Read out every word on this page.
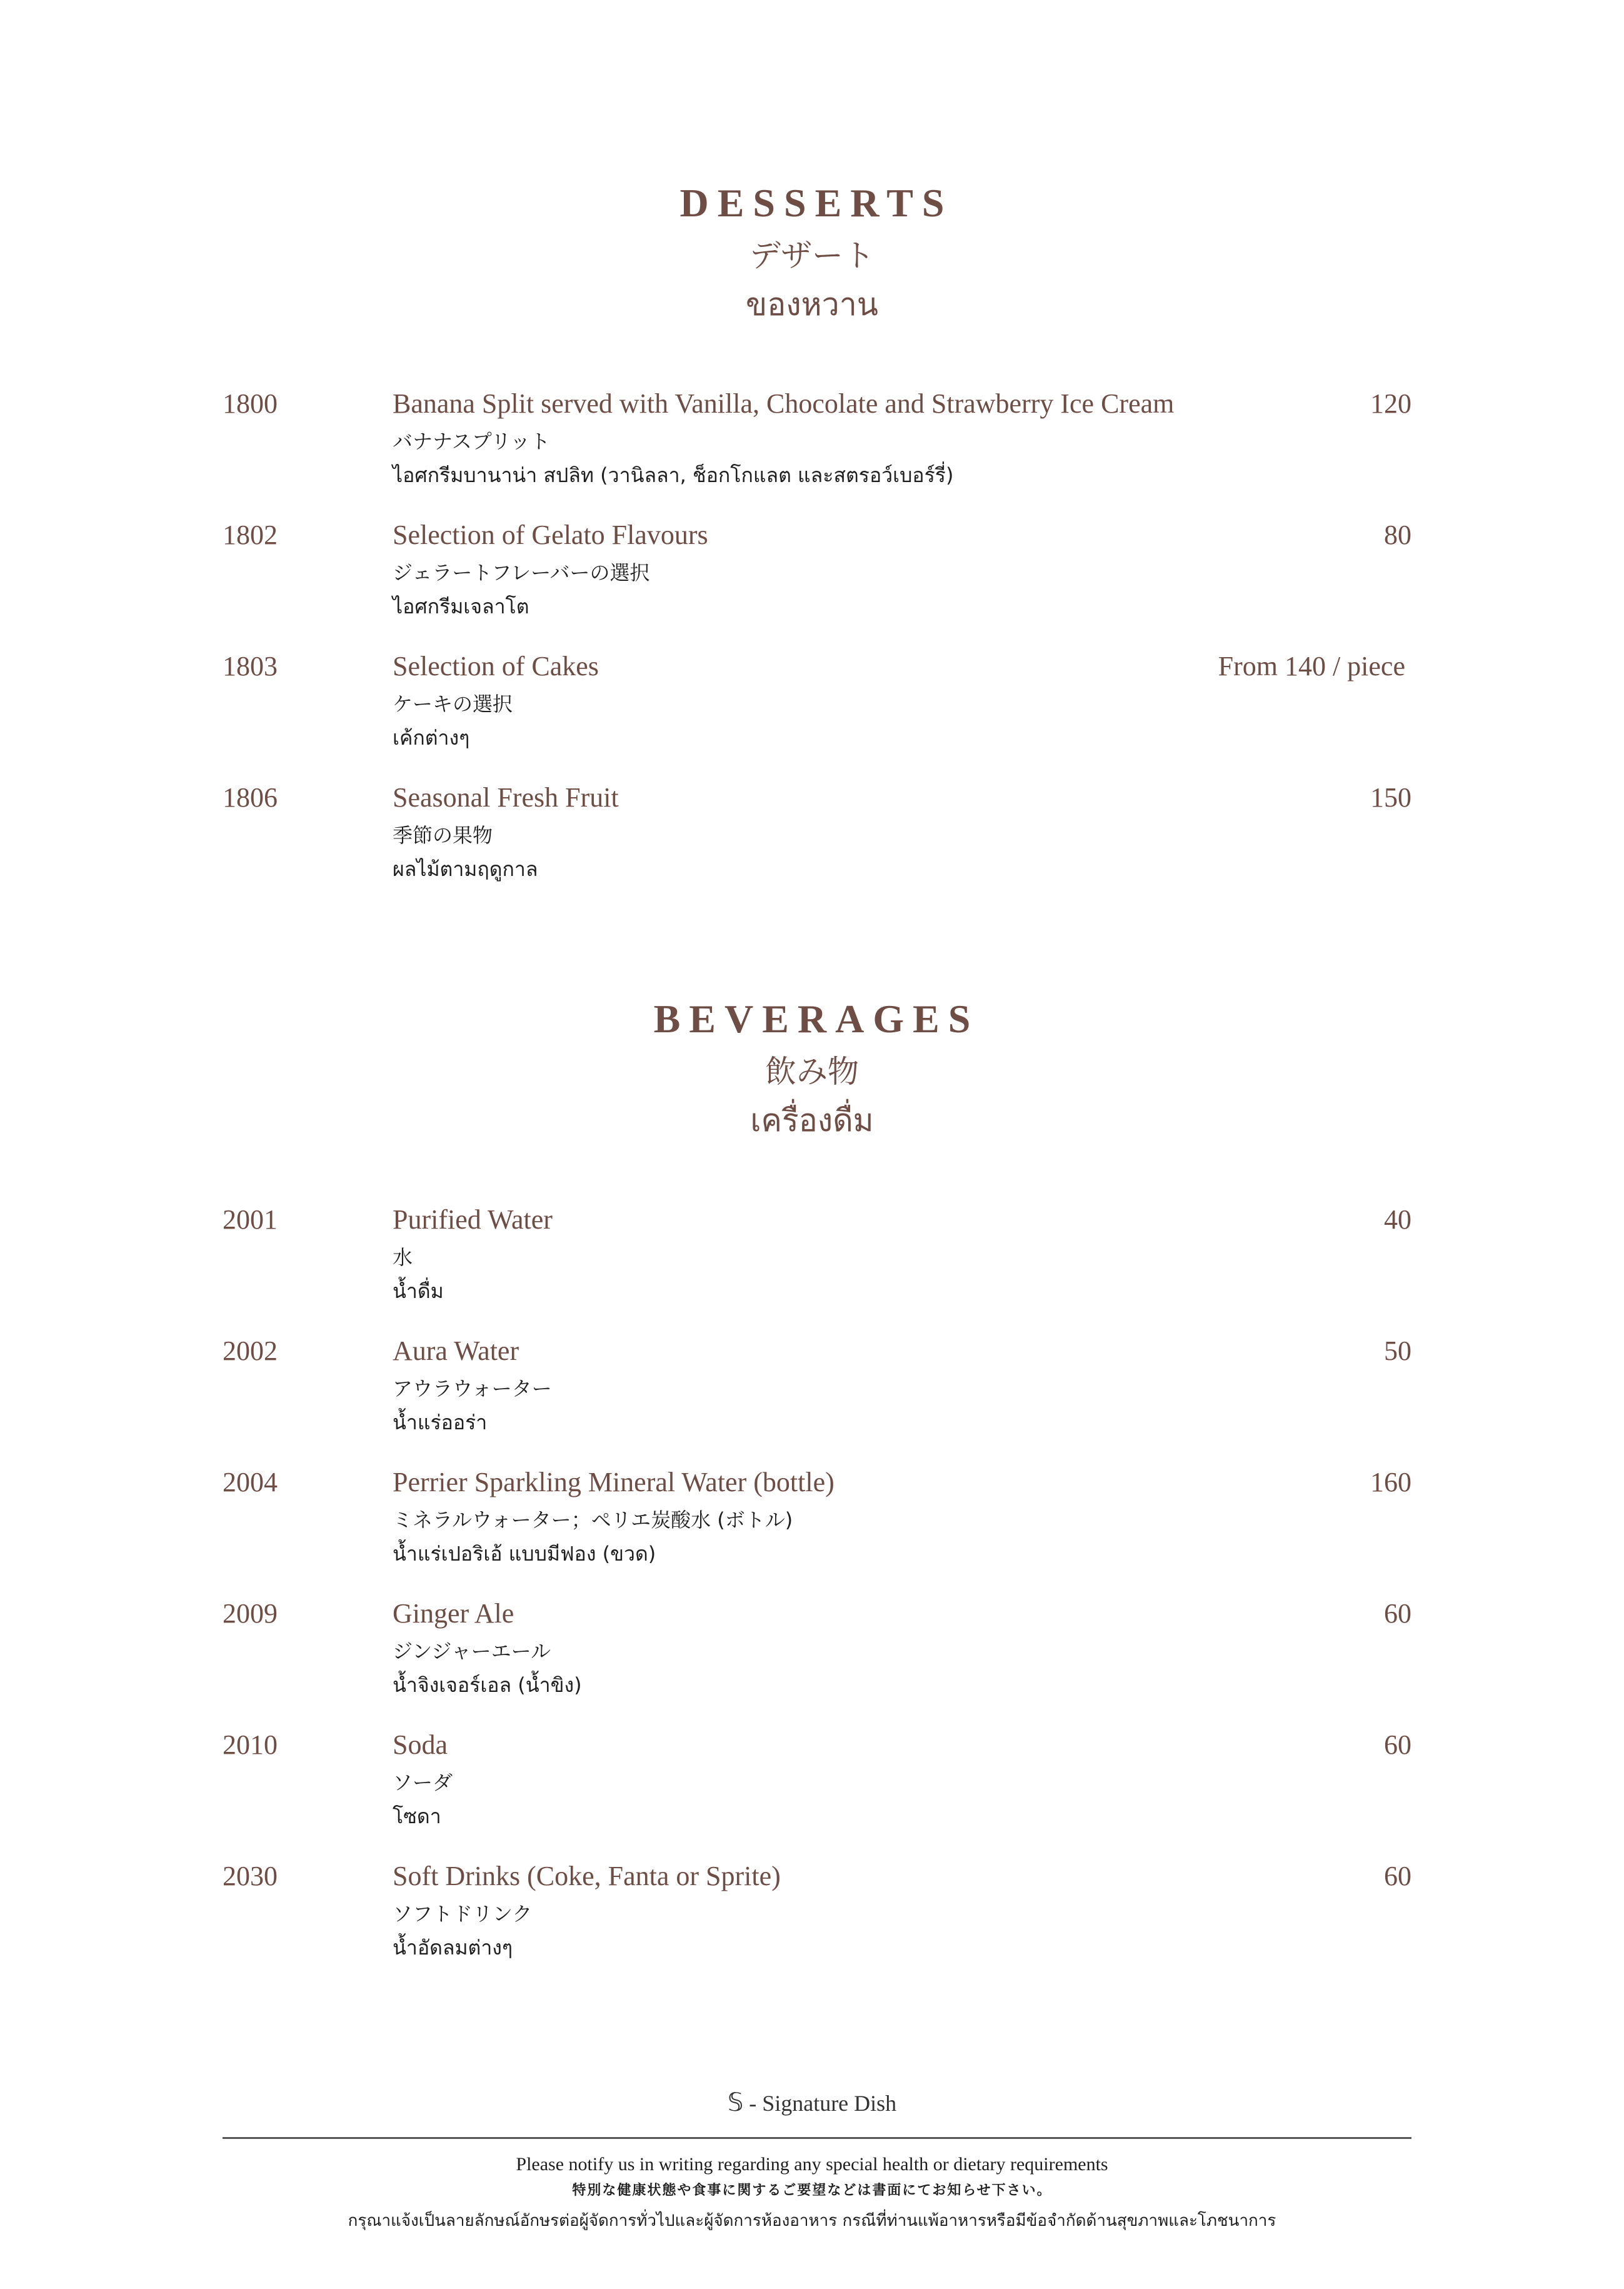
DESSERTS
デザート
ของหวาน
1800	Banana Split served with Vanilla, Chocolate and Strawberry Ice Cream	120
バナナスプリット
ไอศกรีมบานาน่า สปลิท (วานิลลา, ช็อกโกแลต และสตรอว์เบอร์รี่)
1802	Selection of Gelato Flavours	80
ジェラートフレーバーの選択
ไอศกรีมเจลาโต
1803	Selection of Cakes	From 140 / piece
ケーキの選択
เค้กต่างๆ
1806	Seasonal Fresh Fruit	150
季節の果物
ผลไม้ตามฤดูกาล
BEVERAGES
飲み物
เครื่องดื่ม
2001	Purified Water	40
水
น้ำดื่ม
2002	Aura Water	50
アウラウォーター
น้ำแร่ออร่า
2004	Perrier Sparkling Mineral Water (bottle)	160
ミネラルウォーター；ペリエ炭酸水 (ボトル)
น้ำแร่เปอริเอ้ แบบมีฟอง (ขวด)
2009	Ginger Ale	60
ジンジャーエール
น้ำจิงเจอร์เอล (น้ำขิง)
2010	Soda	60
ソーダ
โซดา
2030	Soft Drinks (Coke, Fanta or Sprite)	60
ソフトドリンク
น้ำอัดลมต่างๆ
𝕊 - Signature Dish
Please notify us in writing regarding any special health or dietary requirements
特別な健康状態や食事に関するご要望などは書面にてお知らせ下さい。
กรุณาแจ้งเป็นลายลักษณ์อักษรต่อผู้จัดการทั่วไปและผู้จัดการห้องอาหาร กรณีที่ท่านแพ้อาหารหรือมีข้อจำกัดด้านสุขภาพและโภชนาการ
